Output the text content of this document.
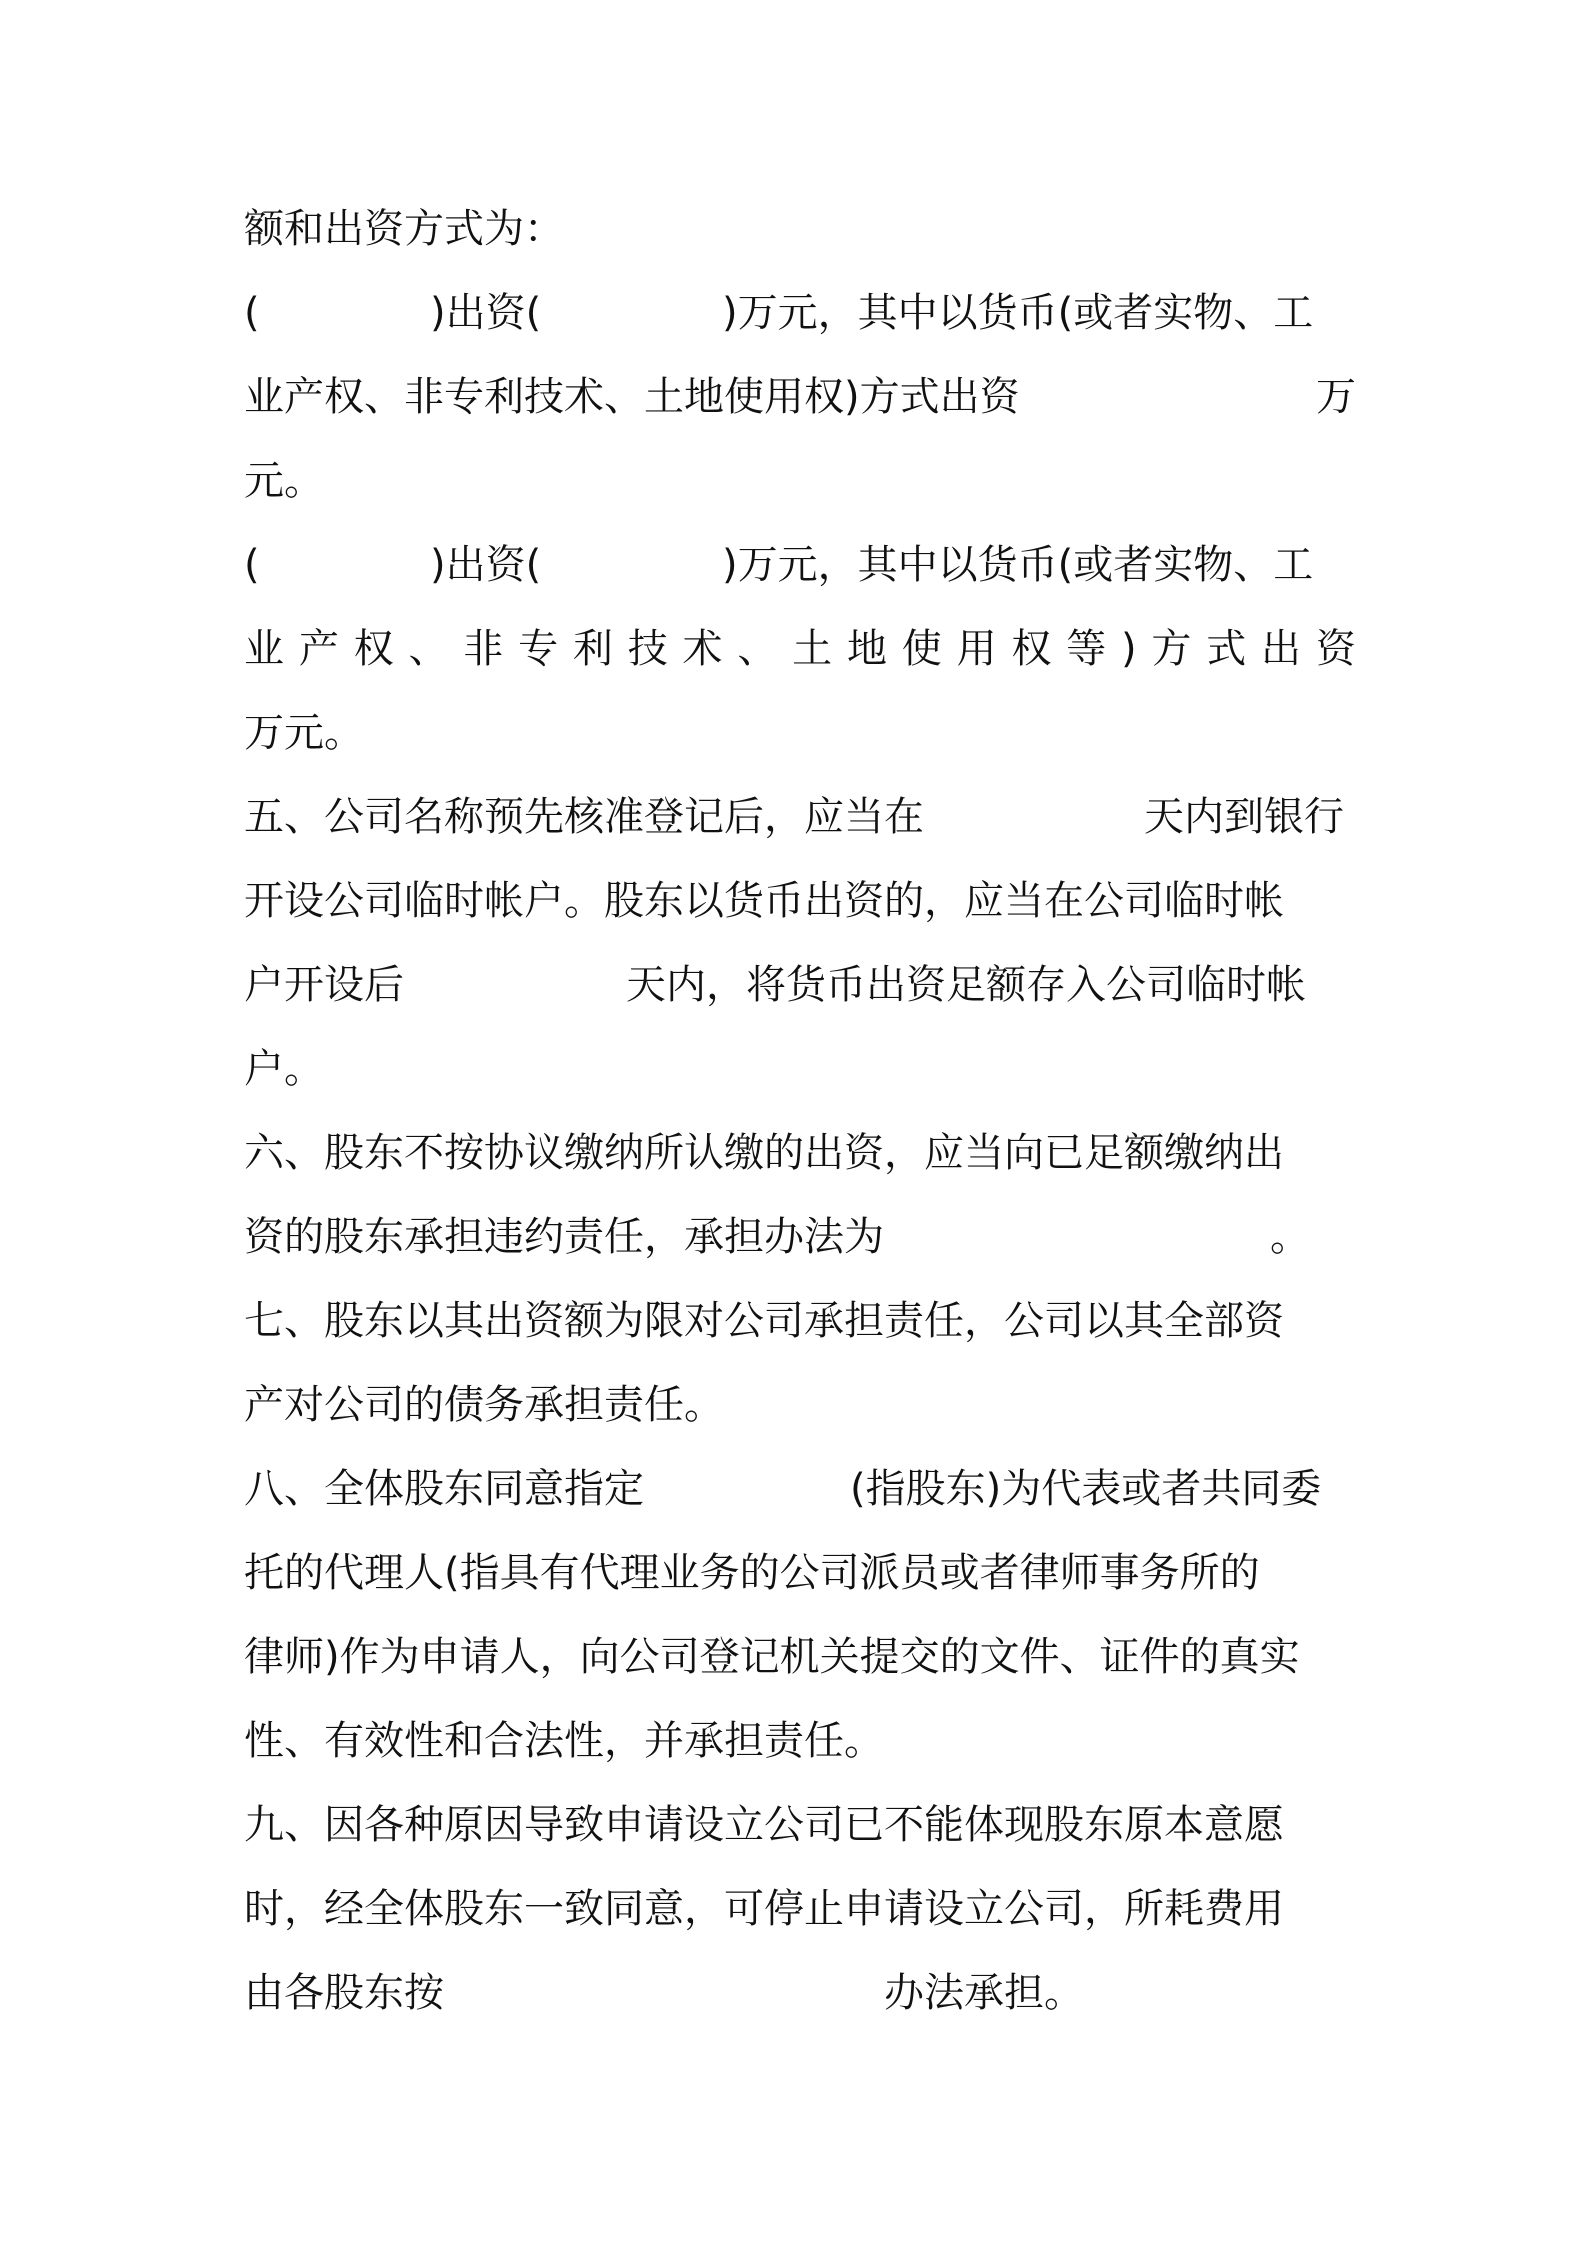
额和出资方式为：
(	)出资(	)万元，其中以货币(或者实物、工
业产权、非专利技术、土地使用权)方式出资	万
元。
(	)出资(	)万元，其中以货币(或者实物、工
业 产 权 、 非 专 利 技 术 、 土 地 使 用 权 等 ) 方 式 出 资
万元。
五、公司名称预先核准登记后，应当在	天内到银行
开设公司临时帐户。股东以货币出资的，应当在公司临时帐
户开设后	天内，将货币出资足额存入公司临时帐
户。
六、股东不按协议缴纳所认缴的出资，应当向已足额缴纳出
资的股东承担违约责任，承担办法为	。
七、股东以其出资额为限对公司承担责任，公司以其全部资
产对公司的债务承担责任。
八、全体股东同意指定	(指股东)为代表或者共同委
托的代理人(指具有代理业务的公司派员或者律师事务所的
律师)作为申请人，向公司登记机关提交的文件、证件的真实
性、有效性和合法性，并承担责任。
九、因各种原因导致申请设立公司已不能体现股东原本意愿
时，经全体股东一致同意，可停止申请设立公司，所耗费用
由各股东按	办法承担。
